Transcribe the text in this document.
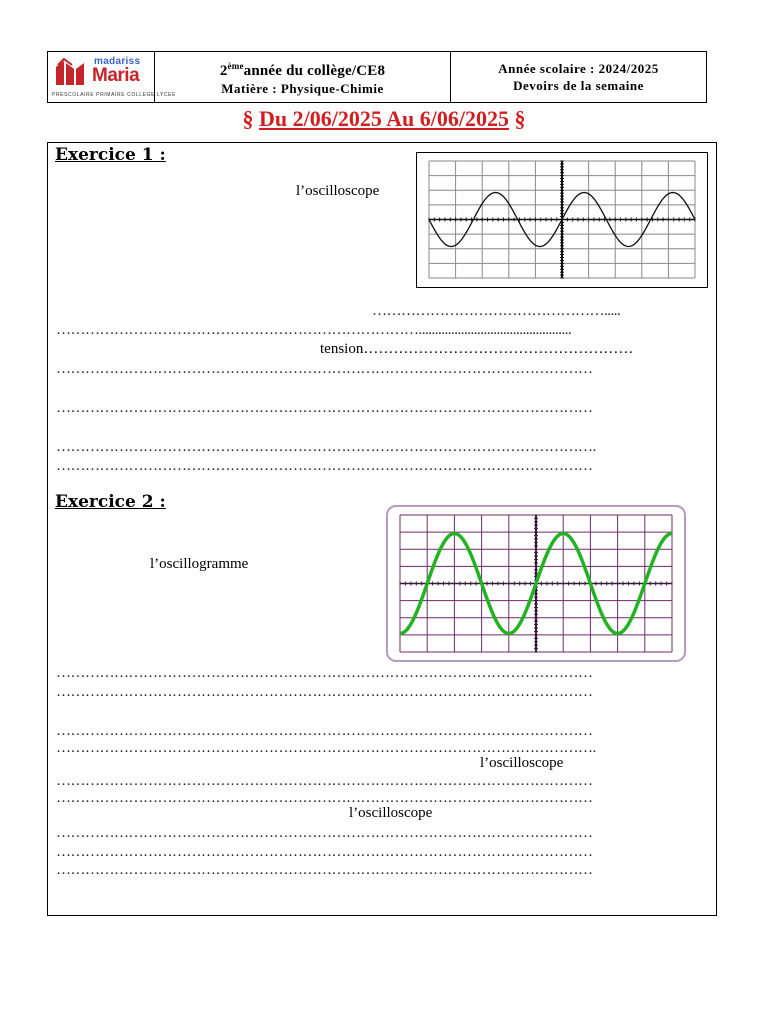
madariss
Maria
PRESCOLAIRE PRIMAIRE COLLEGE LYCEE
2èmeannée du collège/CE8
Matière : Physique-Chimie
Année scolaire : 2024/2025
Devoirs de la semaine
§ Du 2/06/2025 Au 6/06/2025 §
Exercice 1 :
l’oscilloscope
………………………………………….....
…………………………………………………………………...............................................
tension………………………………………………
…………………………………………………………………………………………………
…………………………………………………………………………………………………
………………………………………………………………………………………………….
…………………………………………………………………………………………………
Exercice 2 :
l’oscillogramme
…………………………………………………………………………………………………
…………………………………………………………………………………………………
…………………………………………………………………………………………………
………………………………………………………………………………………………….
l’oscilloscope
…………………………………………………………………………………………………
…………………………………………………………………………………………………
l’oscilloscope
…………………………………………………………………………………………………
…………………………………………………………………………………………………
…………………………………………………………………………………………………
